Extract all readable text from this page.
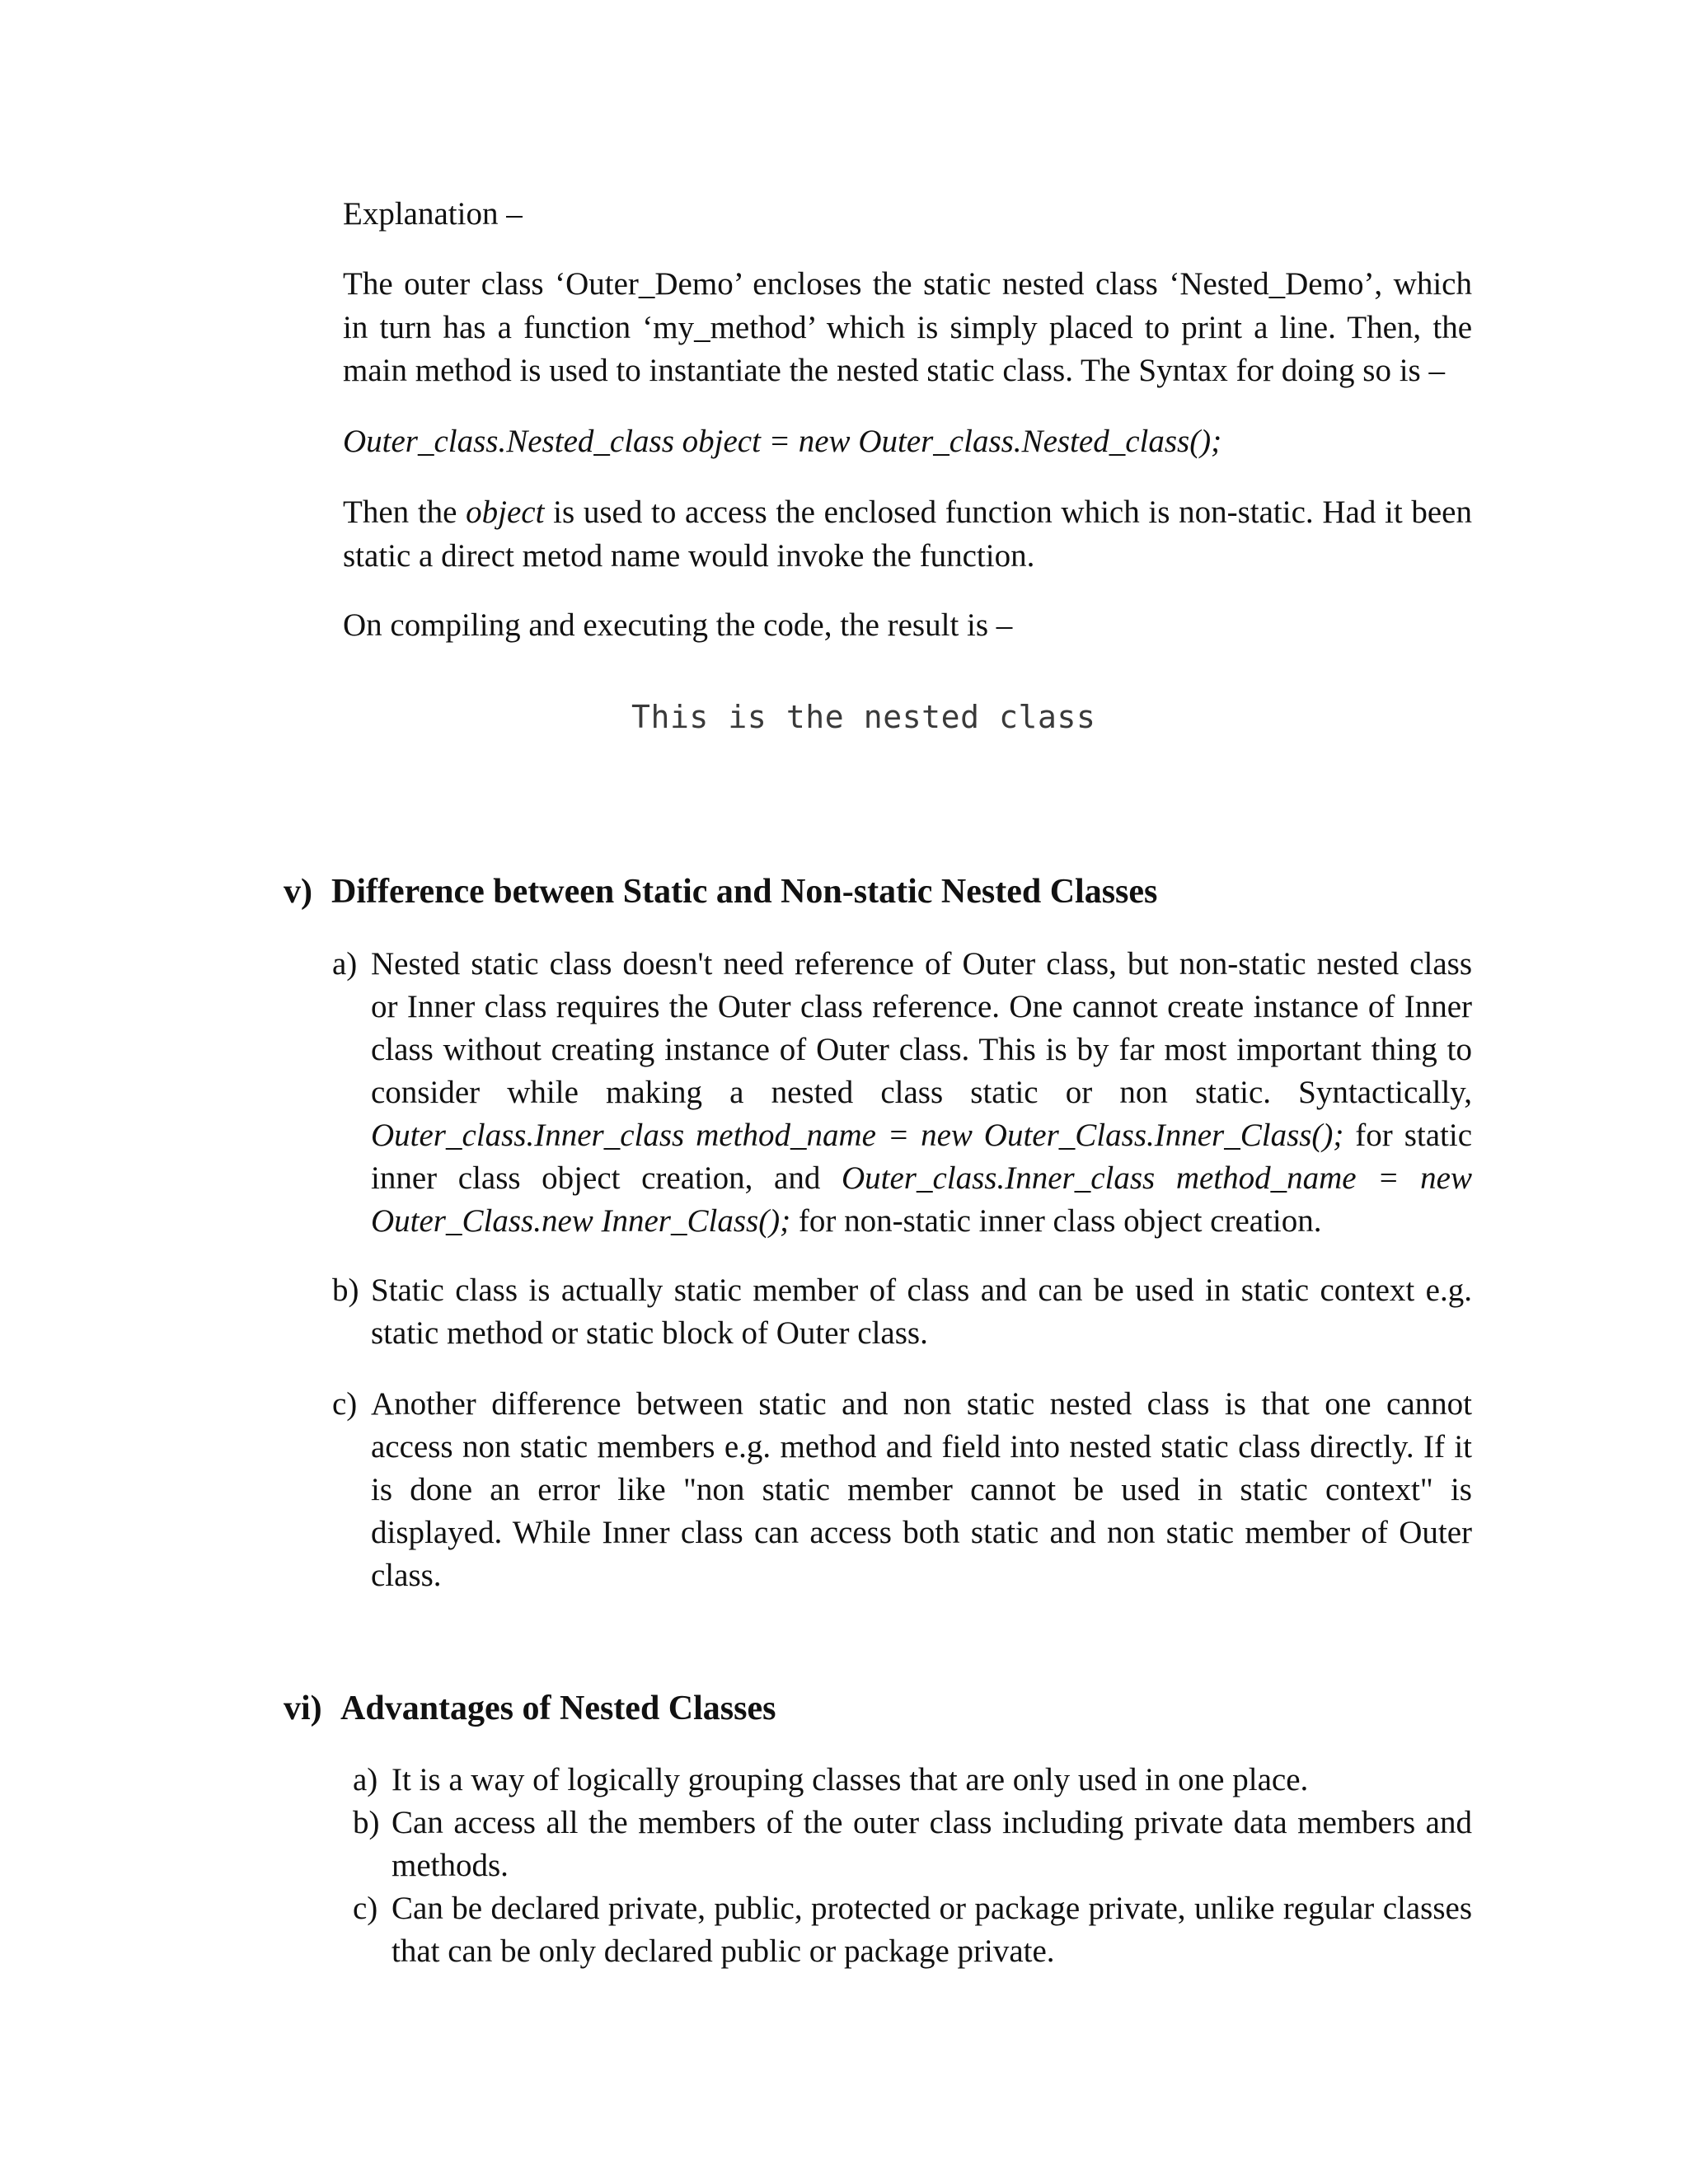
Explanation –
The outer class ‘Outer_Demo’ encloses the static nested class ‘Nested_Demo’, which in turn has a function ‘my_method’ which is simply placed to print a line. Then, the main method is used to instantiate the nested static class. The Syntax for doing so is –
Outer_class.Nested_class object = new Outer_class.Nested_class();
Then the object is used to access the enclosed function which is non-static. Had it been static a direct metod name would invoke the function.
On compiling and executing the code, the result is –
This is the nested class
v) Difference between Static and Non-static Nested Classes
a) Nested static class doesn't need reference of Outer class, but non-static nested class or Inner class requires the Outer class reference. One cannot create instance of Inner class without creating instance of Outer class. This is by far most important thing to consider while making a nested class static or non static. Syntactically, Outer_class.Inner_class method_name = new Outer_Class.Inner_Class(); for static inner class object creation, and Outer_class.Inner_class method_name = new Outer_Class.new Inner_Class(); for non-static inner class object creation.
b) Static class is actually static member of class and can be used in static context e.g. static method or static block of Outer class.
c) Another difference between static and non static nested class is that one cannot access non static members e.g. method and field into nested static class directly. If it is done an error like "non static member cannot be used in static context" is displayed. While Inner class can access both static and non static member of Outer class.
vi) Advantages of Nested Classes
a) It is a way of logically grouping classes that are only used in one place.
b) Can access all the members of the outer class including private data members and methods.
c) Can be declared private, public, protected or package private, unlike regular classes that can be only declared public or package private.
